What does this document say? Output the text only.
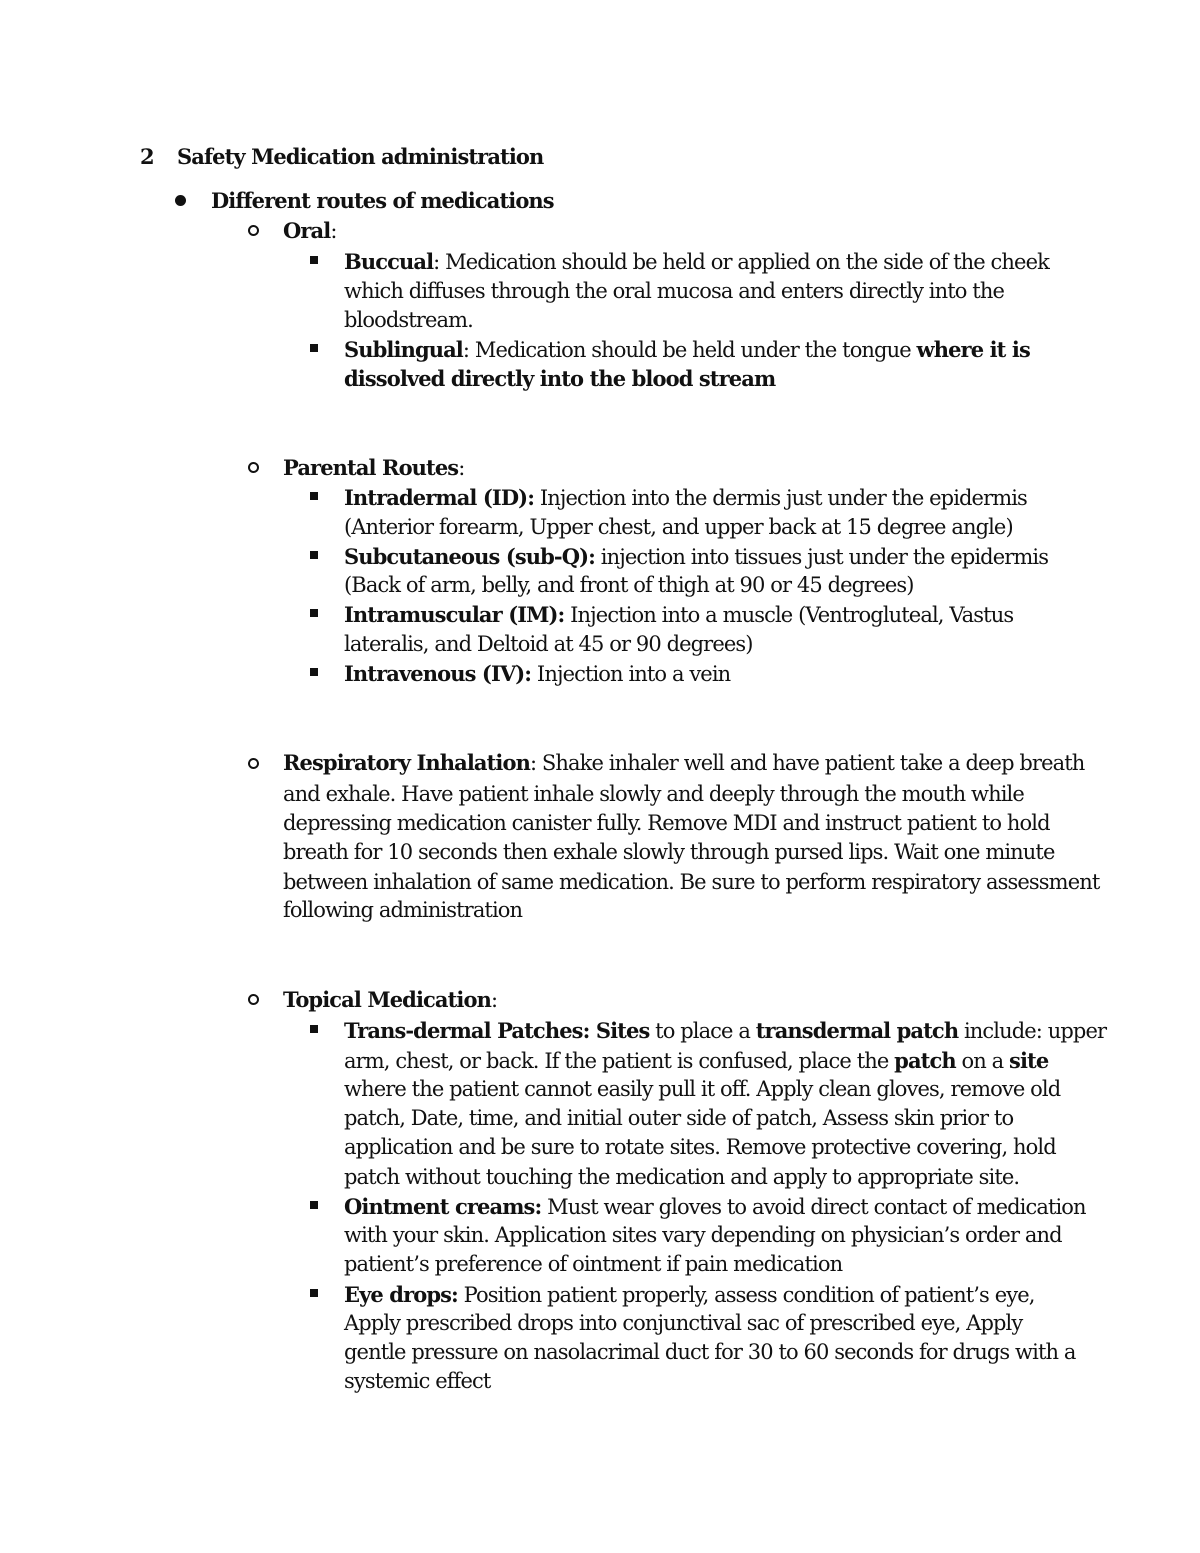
2 Safety Medication administration

Different routes of medications

Oral:

Buccual: Medication should be held or applied on the side of the cheek

which diffuses through the oral mucosa and enters directly into the

bloodstream.

Sublingual: Medication should be held under the tongue where it is

dissolved directly into the blood stream

Parental Routes:

Intradermal (ID): Injection into the dermis just under the epidermis

(Anterior forearm, Upper chest, and upper back at 15 degree angle)

Subcutaneous (sub-Q): injection into tissues just under the epidermis

(Back of arm, belly, and front of thigh at 90 or 45 degrees)

Intramuscular (IM): Injection into a muscle (Ventrogluteal, Vastus

lateralis, and Deltoid at 45 or 90 degrees)

Intravenous (IV): Injection into a vein

Respiratory Inhalation: Shake inhaler well and have patient take a deep breath

and exhale. Have patient inhale slowly and deeply through the mouth while

depressing medication canister fully. Remove MDI and instruct patient to hold

breath for 10 seconds then exhale slowly through pursed lips. Wait one minute

between inhalation of same medication. Be sure to perform respiratory assessment

following administration

Topical Medication:

Trans-dermal Patches: Sites to place a transdermal patch include: upper

arm, chest, or back. If the patient is confused, place the patch on a site

where the patient cannot easily pull it off. Apply clean gloves, remove old

patch, Date, time, and initial outer side of patch, Assess skin prior to

application and be sure to rotate sites. Remove protective covering, hold

patch without touching the medication and apply to appropriate site.

Ointment creams: Must wear gloves to avoid direct contact of medication

with your skin. Application sites vary depending on physician’s order and

patient’s preference of ointment if pain medication

Eye drops: Position patient properly, assess condition of patient’s eye,

Apply prescribed drops into conjunctival sac of prescribed eye, Apply

gentle pressure on nasolacrimal duct for 30 to 60 seconds for drugs with a

systemic effect
